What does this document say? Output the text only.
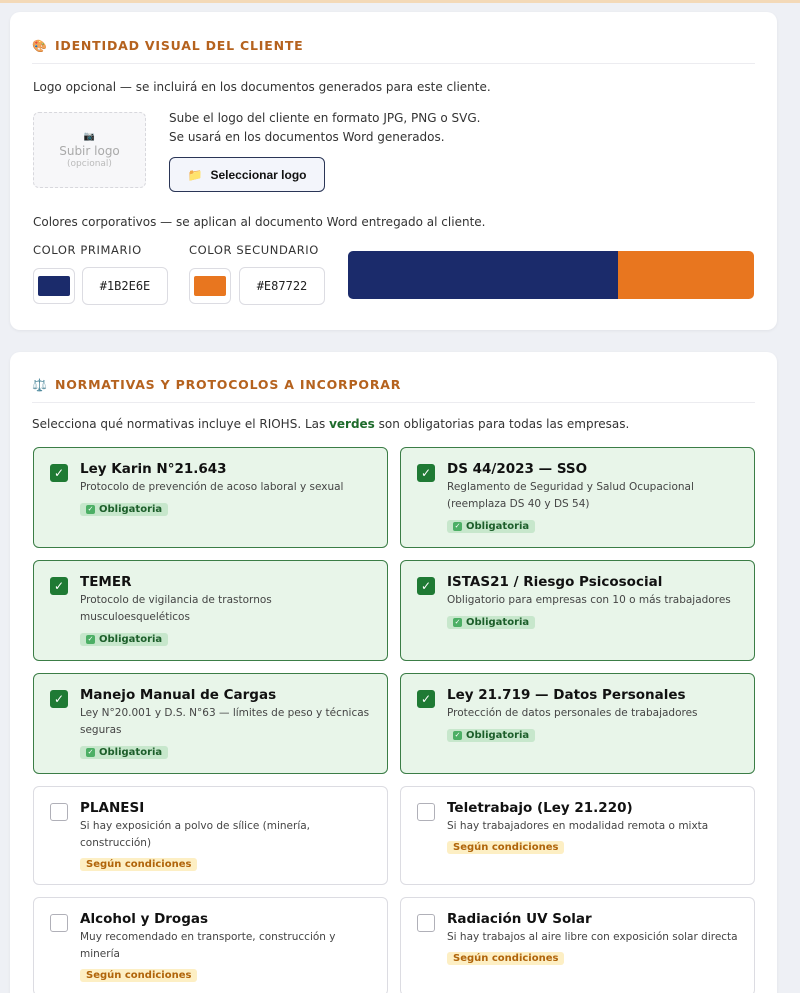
🎨 IDENTIDAD VISUAL DEL CLIENTE
Logo opcional — se incluirá en los documentos generados para este cliente.
📷
Subir logo
(opcional)
Sube el logo del cliente en formato JPG, PNG o SVG.
Se usará en los documentos Word generados.
📁 Seleccionar logo
Colores corporativos — se aplican al documento Word entregado al cliente.
COLOR PRIMARIO	COLOR SECUNDARIO
#1B2E6E
#E87722
⚖️ NORMATIVAS Y PROTOCOLOS A INCORPORAR
Selecciona qué normativas incluye el RIOHS. Las verdes son obligatorias para todas las empresas.
✓ Ley Karin N°21.643
Protocolo de prevención de acoso laboral y sexual
✓ Obligatoria
✓ DS 44/2023 — SSO
Reglamento de Seguridad y Salud Ocupacional (reemplaza DS 40 y DS 54)
✓ Obligatoria
✓ TEMER
Protocolo de vigilancia de trastornos musculoesqueléticos
✓ Obligatoria
✓ ISTAS21 / Riesgo Psicosocial
Obligatorio para empresas con 10 o más trabajadores
✓ Obligatoria
✓ Manejo Manual de Cargas
Ley N°20.001 y D.S. N°63 — límites de peso y técnicas seguras
✓ Obligatoria
✓ Ley 21.719 — Datos Personales
Protección de datos personales de trabajadores
✓ Obligatoria
PLANESI
Si hay exposición a polvo de sílice (minería, construcción)
Según condiciones
Teletrabajo (Ley 21.220)
Si hay trabajadores en modalidad remota o mixta
Según condiciones
Alcohol y Drogas
Muy recomendado en transporte, construcción y minería
Según condiciones
Radiación UV Solar
Si hay trabajos al aire libre con exposición solar directa
Según condiciones
